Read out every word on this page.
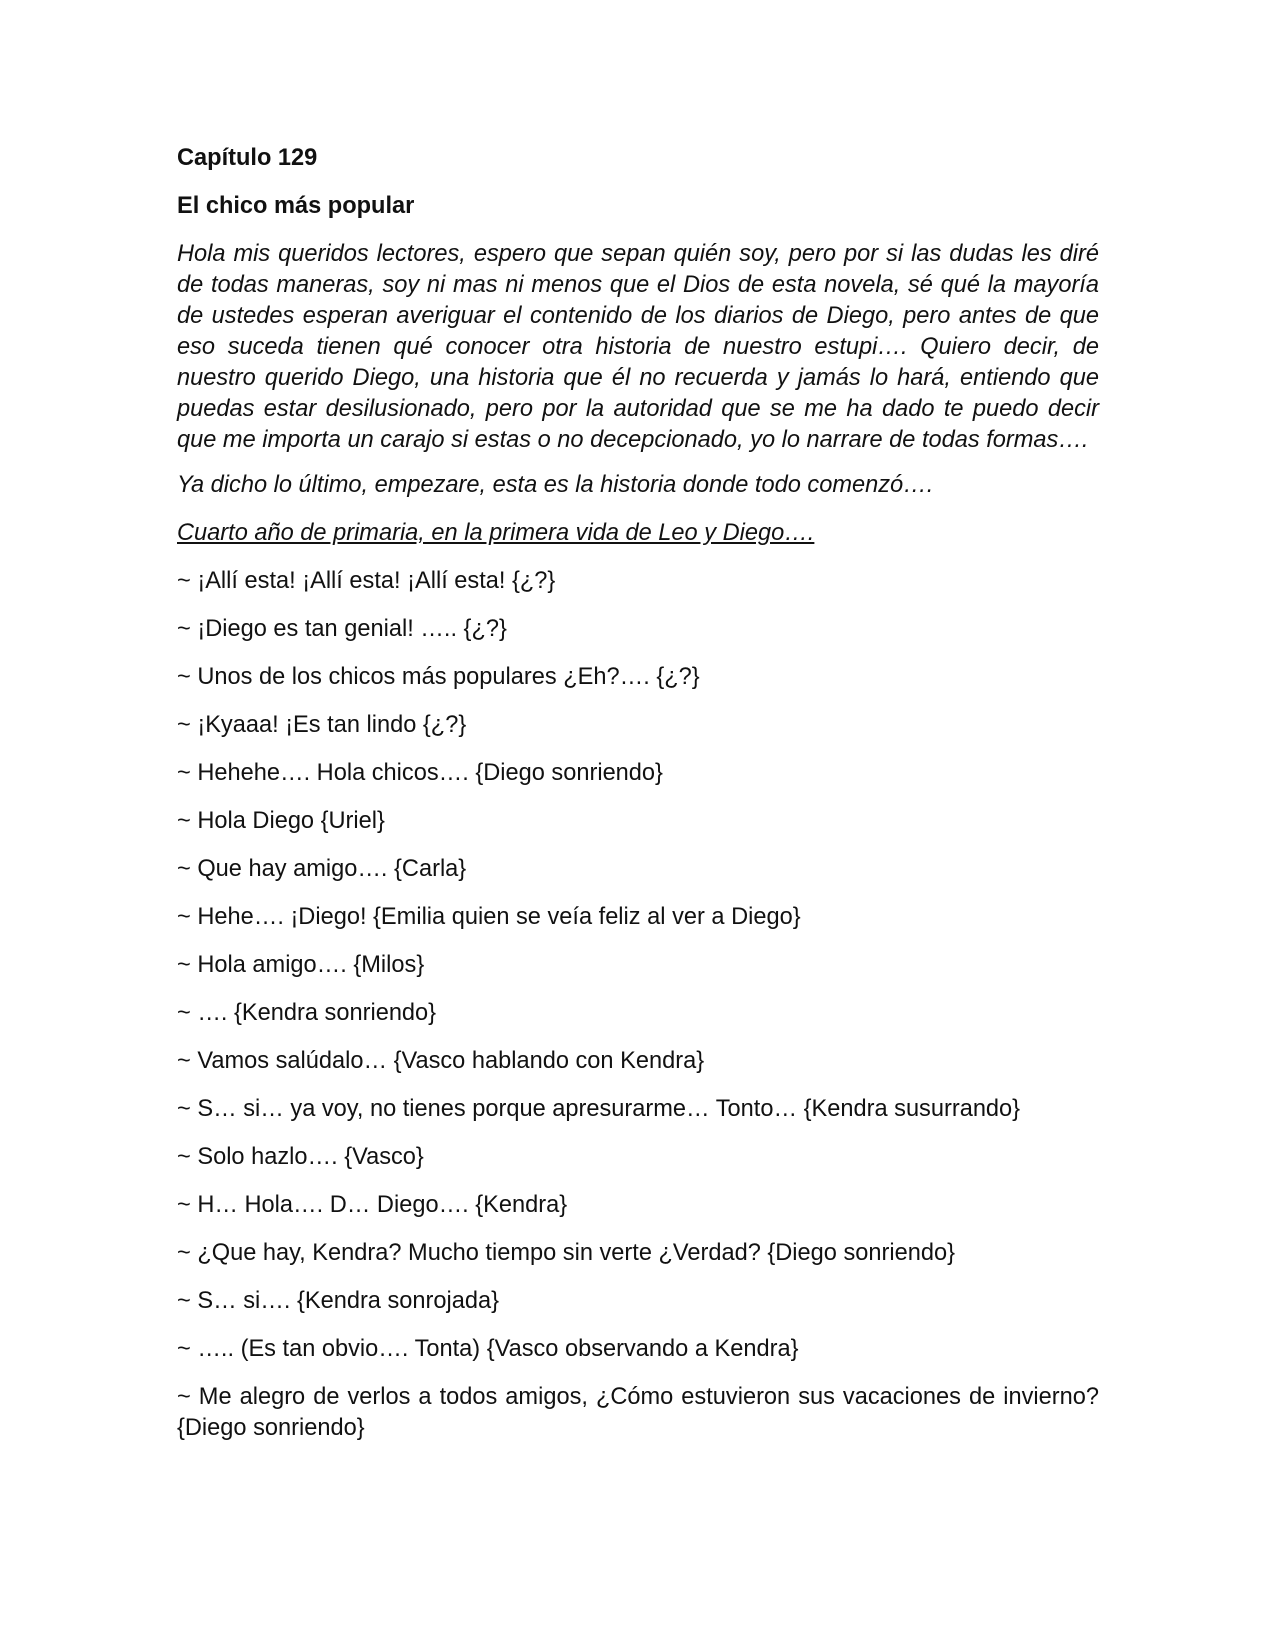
Capítulo 129

El chico más popular

Hola mis queridos lectores, espero que sepan quién soy, pero por si las dudas les diré de todas maneras, soy ni mas ni menos que el Dios de esta novela, sé qué la mayoría de ustedes esperan averiguar el contenido de los diarios de Diego, pero antes de que eso suceda tienen qué conocer otra historia de nuestro estupi…. Quiero decir, de nuestro querido Diego, una historia que él no recuerda y jamás lo hará, entiendo que puedas estar desilusionado, pero por la autoridad que se me ha dado te puedo decir que me importa un carajo si estas o no decepcionado, yo lo narrare de todas formas….

Ya dicho lo último, empezare, esta es la historia donde todo comenzó….

Cuarto año de primaria, en la primera vida de Leo y Diego….

~ ¡Allí esta! ¡Allí esta! ¡Allí esta! {¿?}
~ ¡Diego es tan genial! ….. {¿?}
~ Unos de los chicos más populares ¿Eh?…. {¿?}
~ ¡Kyaaa! ¡Es tan lindo {¿?}
~ Hehehe…. Hola chicos…. {Diego sonriendo}
~ Hola Diego {Uriel}
~ Que hay amigo…. {Carla}
~ Hehe…. ¡Diego! {Emilia quien se veía feliz al ver a Diego}
~ Hola amigo…. {Milos}
~ …. {Kendra sonriendo}
~ Vamos salúdalo… {Vasco hablando con Kendra}
~ S… si… ya voy, no tienes porque apresurarme… Tonto… {Kendra susurrando}
~ Solo hazlo…. {Vasco}
~ H… Hola…. D… Diego…. {Kendra}
~ ¿Que hay, Kendra? Mucho tiempo sin verte ¿Verdad? {Diego sonriendo}
~ S… si…. {Kendra sonrojada}
~ ….. (Es tan obvio…. Tonta) {Vasco observando a Kendra}
~ Me alegro de verlos a todos amigos, ¿Cómo estuvieron sus vacaciones de invierno? {Diego sonriendo}
